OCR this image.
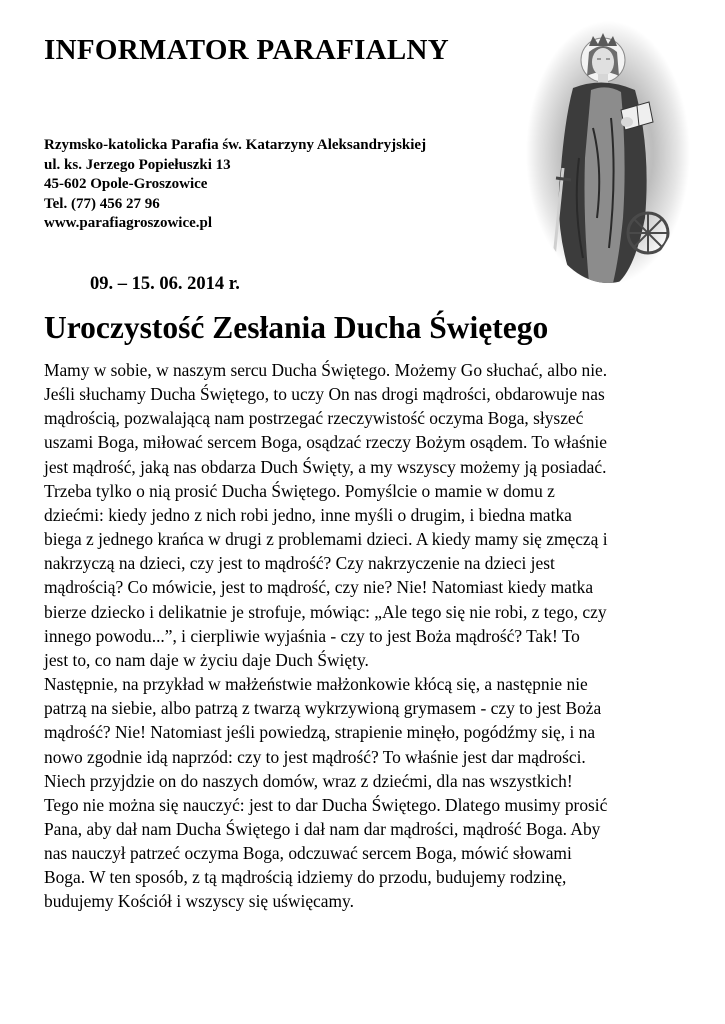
INFORMATOR PARAFIALNY
Rzymsko-katolicka Parafia św. Katarzyny Aleksandryjskiej
ul. ks. Jerzego Popiełuszki 13
45-602 Opole-Groszowice
Tel. (77) 456 27 96
www.parafiagroszowice.pl
09. – 15. 06. 2014 r.
Uroczystość Zesłania Ducha Świętego
Mamy w sobie, w naszym sercu Ducha Świętego. Możemy Go słuchać, albo nie.
Jeśli słuchamy Ducha Świętego, to uczy On nas drogi mądrości, obdarowuje nas
mądrością, pozwalającą nam postrzegać rzeczywistość oczyma Boga, słyszeć
uszami Boga, miłować sercem Boga, osądzać rzeczy Bożym osądem. To właśnie
jest mądrość, jaką nas obdarza Duch Święty, a my wszyscy możemy ją posiadać.
Trzeba tylko o nią prosić Ducha Świętego. Pomyślcie o mamie w domu z
dziećmi: kiedy jedno z nich robi jedno, inne myśli o drugim, i biedna matka
biega z jednego krańca w drugi z problemami dzieci. A kiedy mamy się zmęczą i
nakrzyczą na dzieci, czy jest to mądrość? Czy nakrzyczenie na dzieci jest
mądrością? Co mówicie, jest to mądrość, czy nie? Nie! Natomiast kiedy matka
bierze dziecko i delikatnie je strofuje, mówiąc: „Ale tego się nie robi, z tego, czy
innego powodu...”, i cierpliwie wyjaśnia - czy to jest Boża mądrość? Tak! To
jest to, co nam daje w życiu daje Duch Święty.
Następnie, na przykład w małżeństwie małżonkowie kłócą się, a następnie nie
patrzą na siebie, albo patrzą z twarzą wykrzywioną grymasem - czy to jest Boża
mądrość? Nie! Natomiast jeśli powiedzą, strapienie minęło, pogódźmy się, i na
nowo zgodnie idą naprzód: czy to jest mądrość? To właśnie jest dar mądrości.
Niech przyjdzie on do naszych domów, wraz z dziećmi, dla nas wszystkich!
Tego nie można się nauczyć: jest to dar Ducha Świętego. Dlatego musimy prosić
Pana, aby dał nam Ducha Świętego i dał nam dar mądrości, mądrość Boga. Aby
nas nauczył patrzeć oczyma Boga, odczuwać sercem Boga, mówić słowami
Boga. W ten sposób, z tą mądrością idziemy do przodu, budujemy rodzinę,
budujemy Kościół i wszyscy się uświęcamy.
